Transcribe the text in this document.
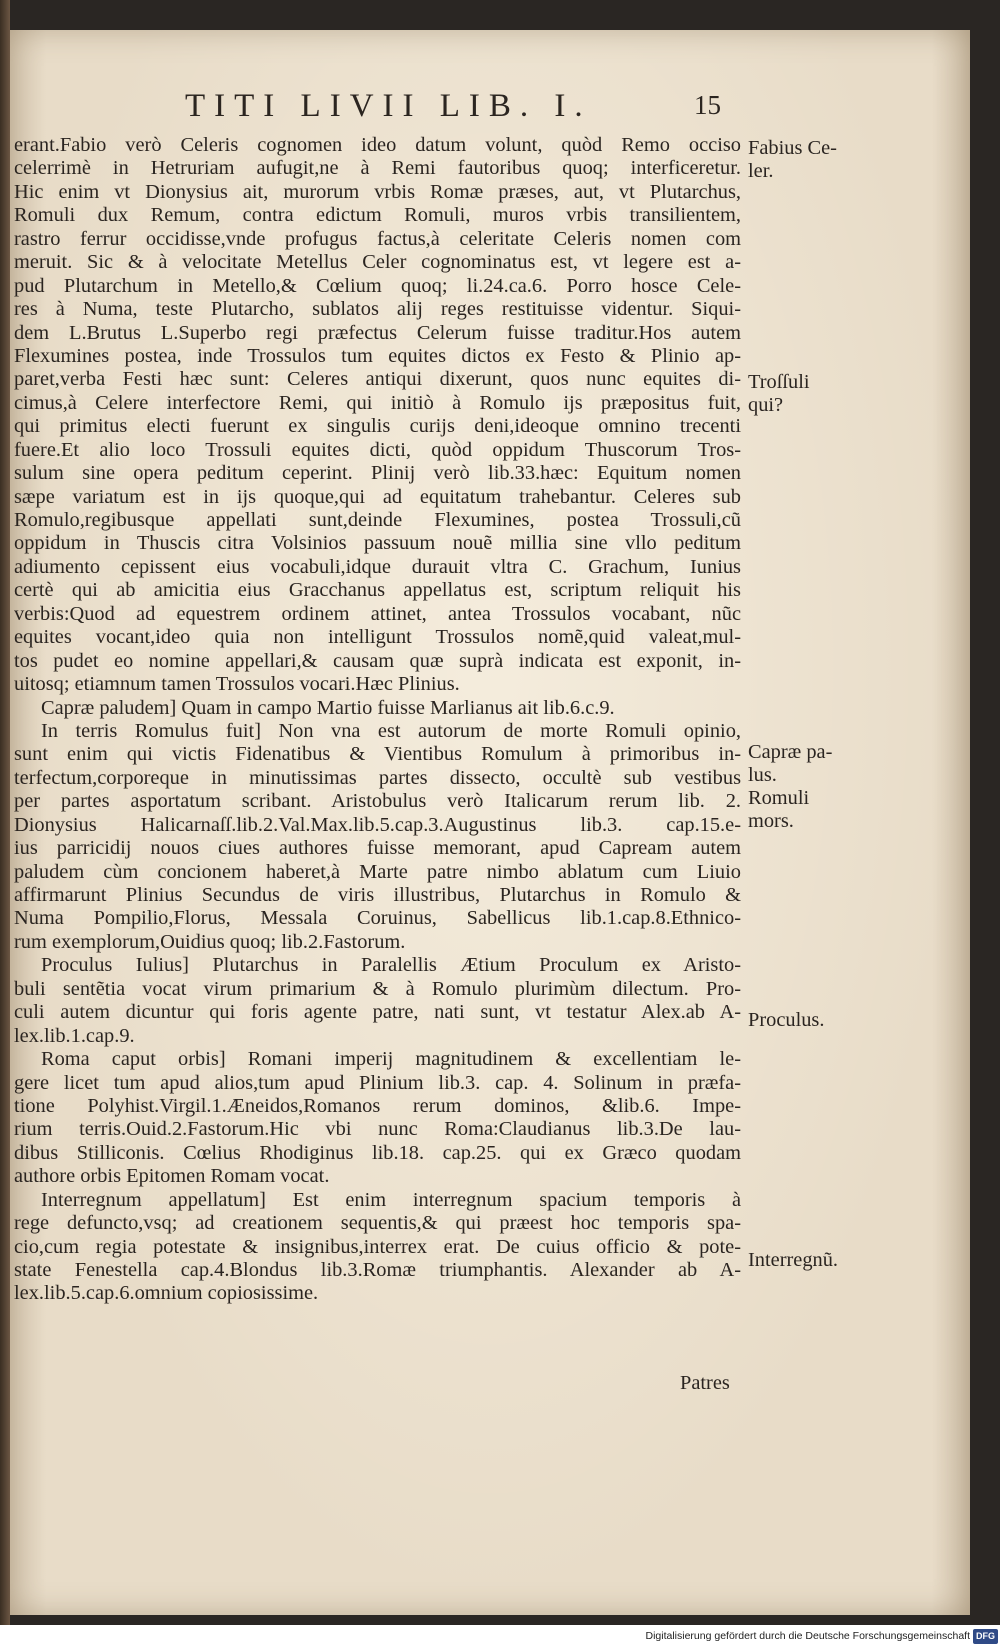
TITI LIVII LIB. I.	15
erant.Fabio verò Celeris cognomen ideo datum volunt, quòd Remo occiso
celerrimè in Hetruriam aufugit,ne à Remi fautoribus quoq; interficeretur.
Hic enim vt Dionysius ait, murorum vrbis Romæ præses, aut, vt Plutarchus,
Romuli dux Remum, contra edictum Romuli, muros vrbis transilientem,
rastro ferrur occidisse,vnde profugus factus,à celeritate Celeris nomen com
meruit. Sic & à velocitate Metellus Celer cognominatus est, vt legere est a-
pud Plutarchum in Metello,& Cœlium quoq; li.24.ca.6. Porro hosce Cele-
res à Numa, teste Plutarcho, sublatos alij reges restituisse videntur. Siqui-
dem L.Brutus L.Superbo regi præfectus Celerum fuisse traditur.Hos autem
Flexumines postea, inde Trossulos tum equites dictos ex Festo & Plinio ap-
paret,verba Festi hæc sunt: Celeres antiqui dixerunt, quos nunc equites di-
cimus,à Celere interfectore Remi, qui initiò à Romulo ijs præpositus fuit,
qui primitus electi fuerunt ex singulis curijs deni,ideoque omnino trecenti
fuere.Et alio loco Trossuli equites dicti, quòd oppidum Thuscorum Tros-
sulum sine opera peditum ceperint. Plinij verò lib.33.hæc: Equitum nomen
sæpe variatum est in ijs quoque,qui ad equitatum trahebantur. Celeres sub
Romulo,regibusque appellati sunt,deinde Flexumines, postea Trossuli,cũ
oppidum in Thuscis citra Volsinios passuum nouẽ millia sine vllo peditum
adiumento cepissent eius vocabuli,idque durauit vltra C. Grachum, Iunius
certè qui ab amicitia eius Gracchanus appellatus est, scriptum reliquit his
verbis:Quod ad equestrem ordinem attinet, antea Trossulos vocabant, nũc
equites vocant,ideo quia non intelligunt Trossulos nomẽ,quid valeat,mul-
tos pudet eo nomine appellari,& causam quæ suprà indicata est exponit, in-
uitosq; etiamnum tamen Trossulos vocari.Hæc Plinius.
Capræ paludem] Quam in campo Martio fuisse Marlianus ait lib.6.c.9.
In terris Romulus fuit] Non vna est autorum de morte Romuli opinio,
sunt enim qui victis Fidenatibus & Vientibus Romulum à primoribus in-
terfectum,corporeque in minutissimas partes dissecto, occultè sub vestibus
per partes asportatum scribant. Aristobulus verò Italicarum rerum lib. 2.
Dionysius Halicarnaſſ.lib.2.Val.Max.lib.5.cap.3.Augustinus lib.3. cap.15.e-
ius parricidij nouos ciues authores fuisse memorant, apud Capream autem
paludem cùm concionem haberet,à Marte patre nimbo ablatum cum Liuio
affirmarunt Plinius Secundus de viris illustribus, Plutarchus in Romulo &
Numa Pompilio,Florus, Messala Coruinus, Sabellicus lib.1.cap.8.Ethnico-
rum exemplorum,Ouidius quoq; lib.2.Fastorum.
Proculus Iulius] Plutarchus in Paralellis Ætium Proculum ex Aristo-
buli sentẽtia vocat virum primarium & à Romulo plurimùm dilectum. Pro-
culi autem dicuntur qui foris agente patre, nati sunt, vt testatur Alex.ab A-
lex.lib.1.cap.9.
Roma caput orbis] Romani imperij magnitudinem & excellentiam le-
gere licet tum apud alios,tum apud Plinium lib.3. cap. 4. Solinum in præfa-
tione Polyhist.Virgil.1.Æneidos,Romanos rerum dominos, &lib.6. Impe-
rium terris.Ouid.2.Fastorum.Hic vbi nunc Roma:Claudianus lib.3.De lau-
dibus Stilliconis. Cœlius Rhodiginus lib.18. cap.25. qui ex Græco quodam
authore orbis Epitomen Romam vocat.
Interregnum appellatum] Est enim interregnum spacium temporis à
rege defuncto,vsq; ad creationem sequentis,& qui præest hoc temporis spa-
cio,cum regia potestate & insignibus,interrex erat. De cuius officio & pote-
state Fenestella cap.4.Blondus lib.3.Romæ triumphantis. Alexander ab A-
lex.lib.5.cap.6.omnium copiosissime.
Fabius Ce-
ler.
Troſſuli
qui?
Capræ pa-
lus.
Romuli
mors.
Proculus.
Interregnũ.
Patres
Digitalisierung gefördert durch die Deutsche Forschungsgemeinschaft DFG
